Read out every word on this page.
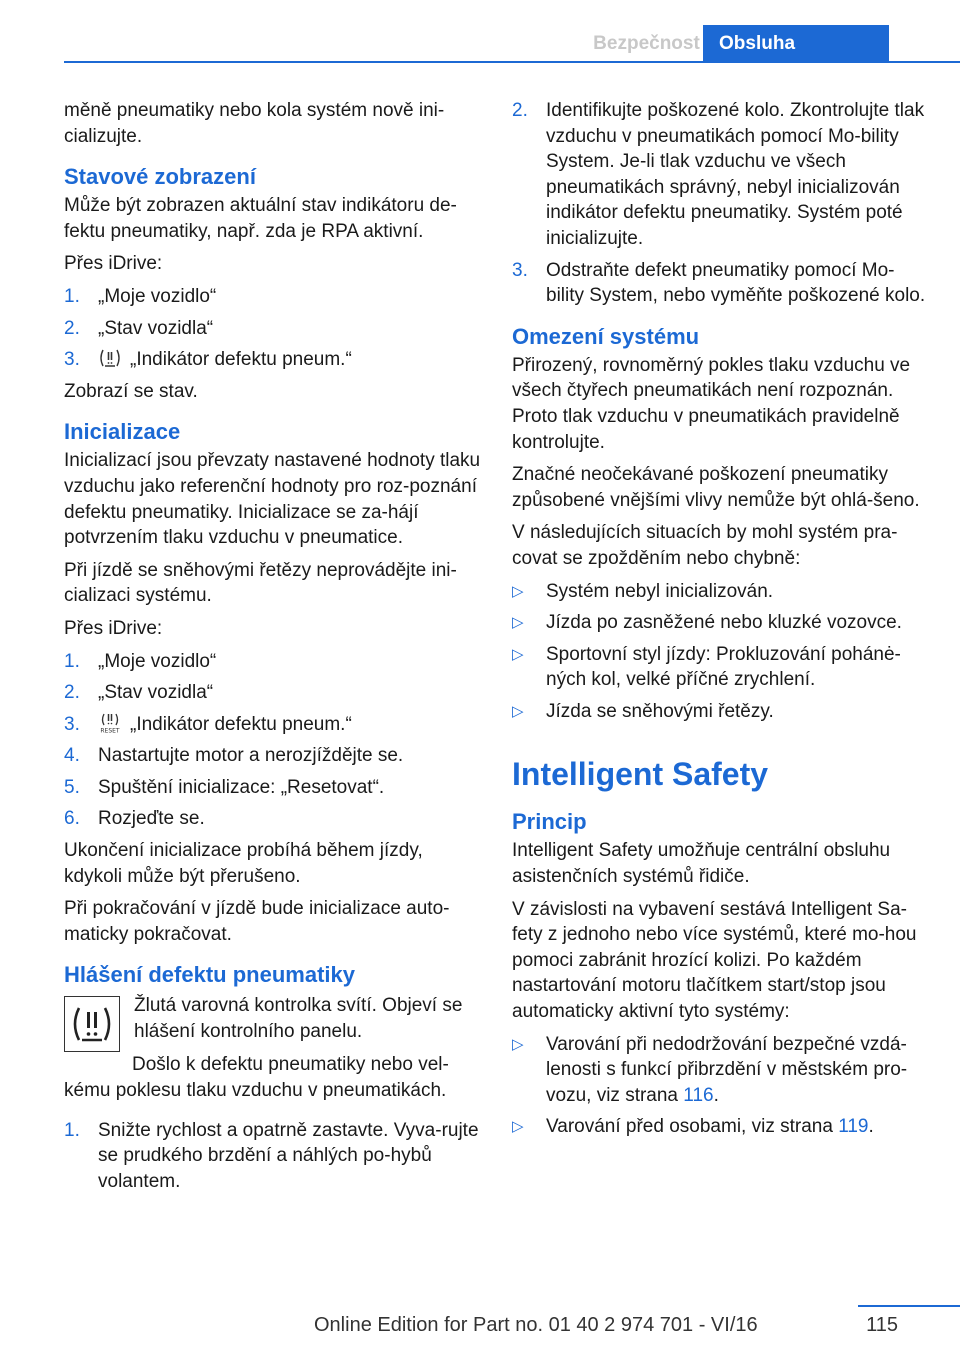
Bezpečnost	Obsluha

měně pneumatiky nebo kola systém nově ini‐cializujte.

Stavové zobrazení

Může být zobrazen aktuální stav indikátoru de‐fektu pneumatiky, např. zda je RPA aktivní.

Přes iDrive:

1. „Moje vozidlo“
2. „Stav vozidla“
3.	„Indikátor defektu pneum.“

Zobrazí se stav.

Inicializace

Inicializací jsou převzaty nastavené hodnoty tlaku vzduchu jako referenční hodnoty pro roz‐poznání defektu pneumatiky. Inicializace se za‐hájí potvrzením tlaku vzduchu v pneumatice.

Při jízdě se sněhovými řetězy neprovádějte ini‐cializaci systému.

Přes iDrive:

1. „Moje vozidlo“
2. „Stav vozidla“
3.	RESET „Indikátor defektu pneum.“
4. Nastartujte motor a nerozjíždějte se.
5. Spuštění inicializace: „Resetovat“.
6. Rozjeďte se.

Ukončení inicializace probíhá během jízdy, kdykoli může být přerušeno.

Při pokračování v jízdě bude inicializace auto‐maticky pokračovat.

Hlášení defektu pneumatiky

Žlutá varovná kontrolka svítí. Objeví se hlášení kontrolního panelu.

Došlo k defektu pneumatiky nebo vel‐kému poklesu tlaku vzduchu v pneumatikách.

1. Snižte rychlost a opatrně zastavte. Vyva‐rujte se prudkého brzdění a náhlých po‐hybů volantem.
2. Identifikujte poškozené kolo. Zkontrolujte tlak vzduchu v pneumatikách pomocí Mo‐bility System. Je-li tlak vzduchu ve všech pneumatikách správný, nebyl inicializován indikátor defektu pneumatiky. Systém poté inicializujte.
3. Odstraňte defekt pneumatiky pomocí Mo‐bility System, nebo vyměňte poškozené kolo.
Omezení systému

Přirozený, rovnoměrný pokles tlaku vzduchu ve všech čtyřech pneumatikách není rozpoznán. Proto tlak vzduchu v pneumatikách pravidelně kontrolujte.

Značné neočekávané poškození pneumatiky způsobené vnějšími vlivy nemůže být ohlá‐šeno.

V následujících situacích by mohl systém pra‐covat se zpožděním nebo chybně:

▷	Systém nebyl inicializován.
▷	Jízda po zasněžené nebo kluzké vozovce.
▷	Sportovní styl jízdy: Prokluzování pohánė‐ných kol, velké příčné zrychlení.
▷	Jízda se sněhovými řetězy.
Intelligent Safety
Princip

Intelligent Safety umožňuje centrální obsluhu asistenčních systémů řidiče.

V závislosti na vybavení sestává Intelligent Sa‐fety z jednoho nebo více systémů, které mo‐hou pomoci zabránit hrozící kolizi. Po každém nastartování motoru tlačítkem start/stop jsou automaticky aktivní tyto systémy:

▷	Varování při nedodržování bezpečné vzdá‐lenosti s funkcí přibrzdění v městském pro‐vozu, viz strana 116.
▷	Varování před osobami, viz strana 119.
115
Online Edition for Part no. 01 40 2 974 701 - VI/16
